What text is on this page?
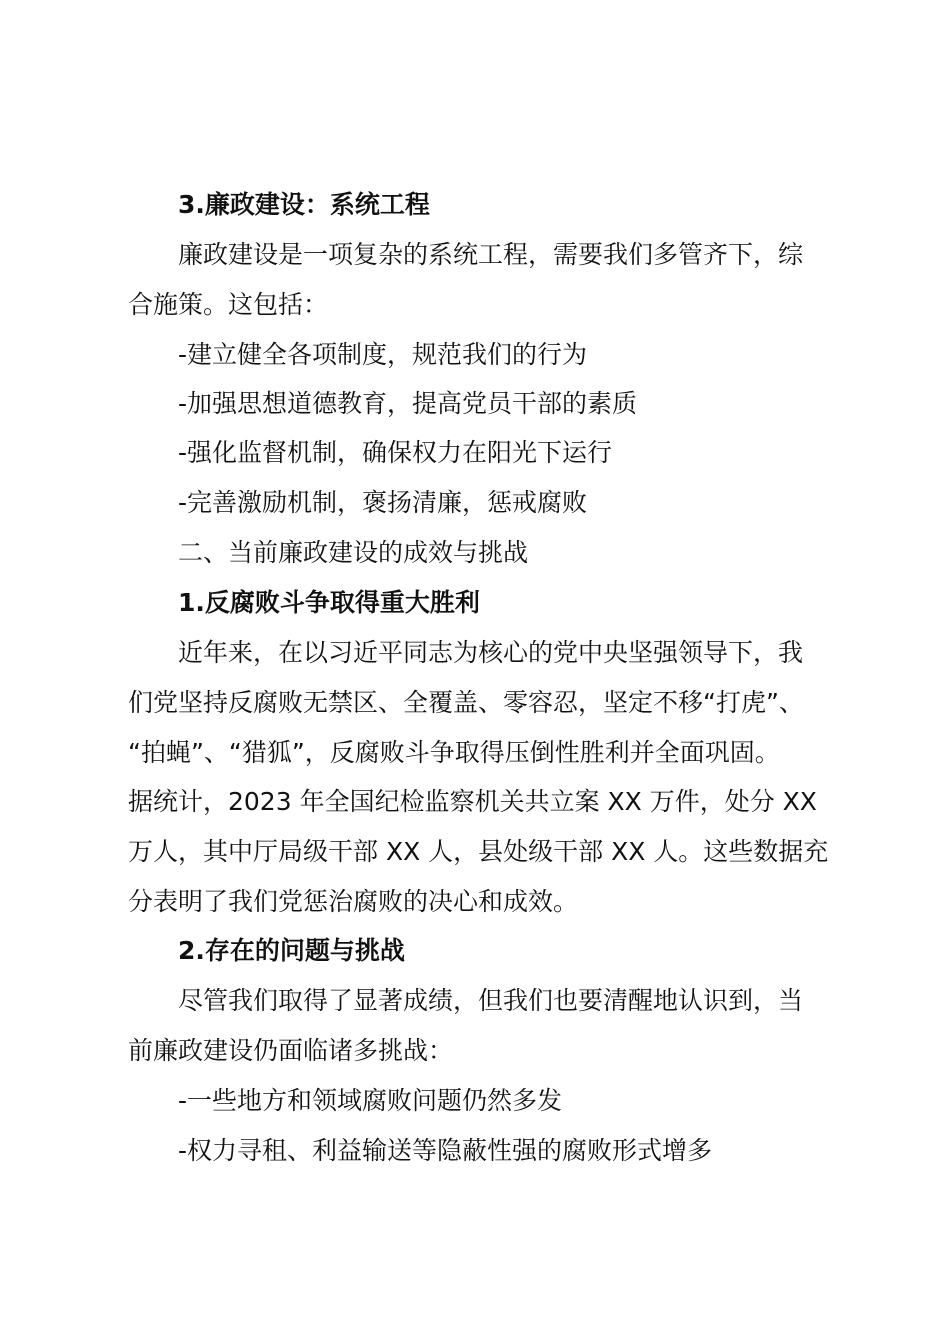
3.廉政建设：系统工程
廉政建设是一项复杂的系统工程，需要我们多管齐下，综
合施策。这包括：
-建立健全各项制度，规范我们的行为
-加强思想道德教育，提高党员干部的素质
-强化监督机制，确保权力在阳光下运行
-完善激励机制，褒扬清廉，惩戒腐败
二、当前廉政建设的成效与挑战
1.反腐败斗争取得重大胜利
近年来，在以习近平同志为核心的党中央坚强领导下，我
们党坚持反腐败无禁区、全覆盖、零容忍，坚定不移“打虎”、
“拍蝇”、“猎狐”，反腐败斗争取得压倒性胜利并全面巩固。
据统计，2023 年全国纪检监察机关共立案 XX 万件，处分 XX
万人，其中厅局级干部 XX 人，县处级干部 XX 人。这些数据充
分表明了我们党惩治腐败的决心和成效。
2.存在的问题与挑战
尽管我们取得了显著成绩，但我们也要清醒地认识到，当
前廉政建设仍面临诸多挑战：
-一些地方和领域腐败问题仍然多发
-权力寻租、利益输送等隐蔽性强的腐败形式增多
